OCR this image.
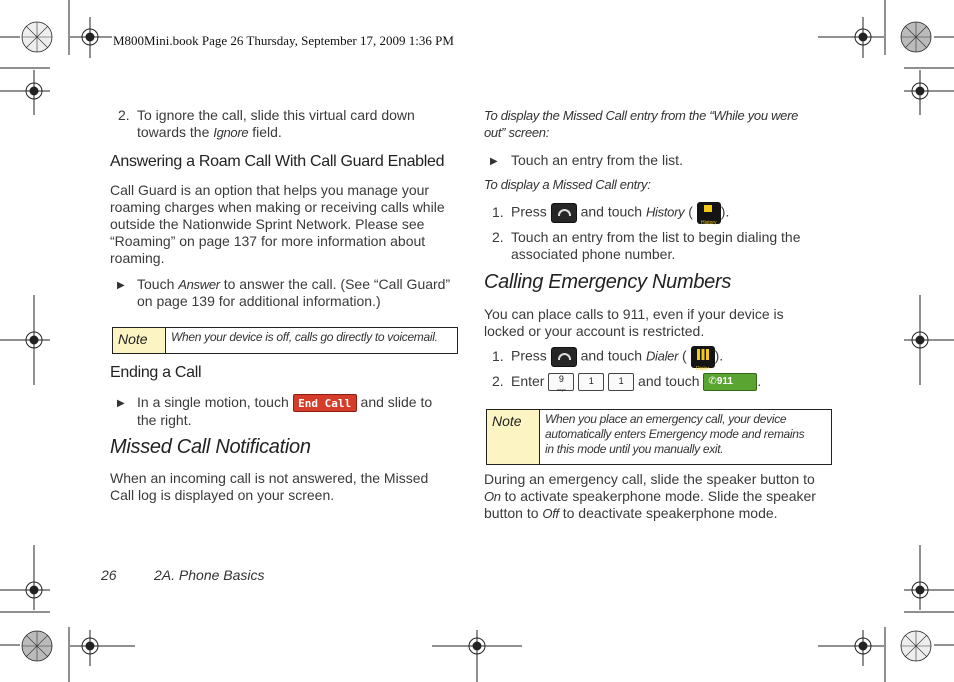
M800Mini.book Page 26 Thursday, September 17, 2009 1:36 PM
2. To ignore the call, slide this virtual card down
towards the Ignore field.
Answering a Roam Call With Call Guard Enabled
Call Guard is an option that helps you manage your
roaming charges when making or receiving calls while
outside the Nationwide Sprint Network. Please see
“Roaming” on page 137 for more information about
roaming.
▶ Touch Answer to answer the call. (See “Call Guard”
on page 139 for additional information.)
Note	When your device is off, calls go directly to voicemail.
Ending a Call
▶ In a single motion, touch End Call ☼ and slide to
the right.
Missed Call Notification
When an incoming call is not answered, the Missed
Call log is displayed on your screen.
To display the Missed Call entry from the “While you were
out” screen:
▶ Touch an entry from the list.
To display a Missed Call entry:
1. Press and touch History (
History
).
2. Touch an entry from the list to begin dialing the
associated phone number.
Calling Emergency Numbers
You can place calls to 911, even if your device is
locked or your account is restricted.
1. Press and touch Dialer (
Dialer
).
2. Enter 9
wxyz 1	1 and touch ✆911 .
Note	When you place an emergency call, your device
automatically enters Emergency mode and remains
in this mode until you manually exit.
During an emergency call, slide the speaker button to
On to activate speakerphone mode. Slide the speaker
button to Off to deactivate speakerphone mode.
26	2A. Phone Basics
